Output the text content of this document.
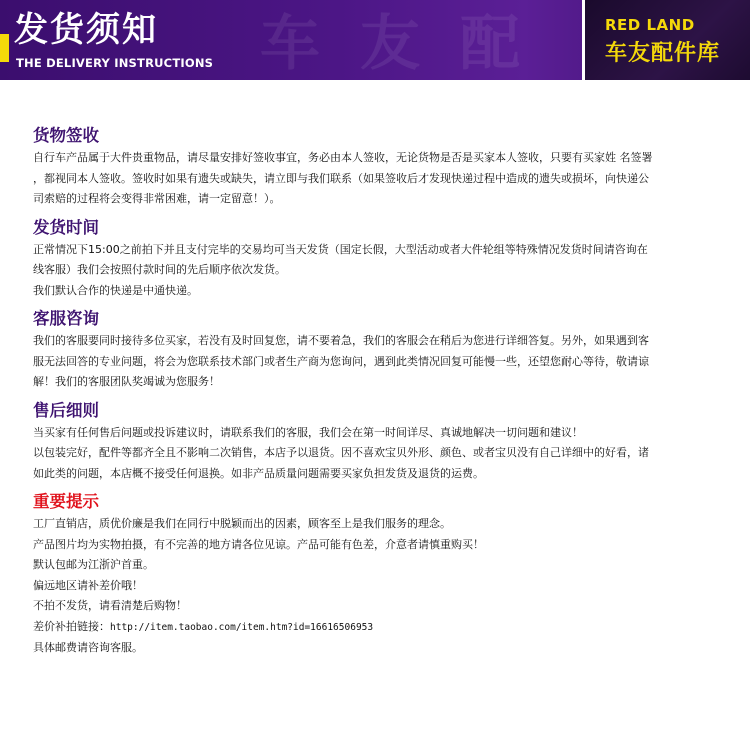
车友配
发货须知
THE DELIVERY INSTRUCTIONS
RED LAND
车友配件库

货物签收

自行车产品属于大件贵重物品，请尽量安排好签收事宜，务必由本人签收，无论货物是否是买家本人签收，只要有买家姓 名签署

，都视同本人签收。签收时如果有遗失或缺失，请立即与我们联系（如果签收后才发现快递过程中造成的遗失或损坏，向快递公

司索赔的过程将会变得非常困难，请一定留意！）。

发货时间

正常情况下15:00之前拍下并且支付完毕的交易均可当天发货（国定长假，大型活动或者大件轮组等特殊情况发货时间请咨询在

线客服）我们会按照付款时间的先后顺序依次发货。

我们默认合作的快递是中通快递。

客服咨询

我们的客服要同时接待多位买家，若没有及时回复您，请不要着急，我们的客服会在稍后为您进行详细答复。另外，如果遇到客

服无法回答的专业问题，将会为您联系技术部门或者生产商为您询问，遇到此类情况回复可能慢一些，还望您耐心等待，敬请谅

解！我们的客服团队奖竭诚为您服务！

售后细则

当买家有任何售后问题或投诉建议时，请联系我们的客服，我们会在第一时间详尽、真诚地解决一切问题和建议！

以包装完好，配件等都齐全且不影响二次销售，本店予以退货。因不喜欢宝贝外形、颜色、或者宝贝没有自己详细中的好看，诸

如此类的问题，本店概不接受任何退换。如非产品质量问题需要买家负担发货及退货的运费。

重要提示

工厂直销店，质优价廉是我们在同行中脱颖而出的因素，顾客至上是我们服务的理念。

产品图片均为实物拍摄，有不完善的地方请各位见谅。产品可能有色差，介意者请慎重购买！

默认包邮为江浙沪首重。

偏远地区请补差价哦！

不拍不发货，请看清楚后购物！

差价补拍链接：http://item.taobao.com/item.htm?id=16616506953

具体邮费请咨询客服。
